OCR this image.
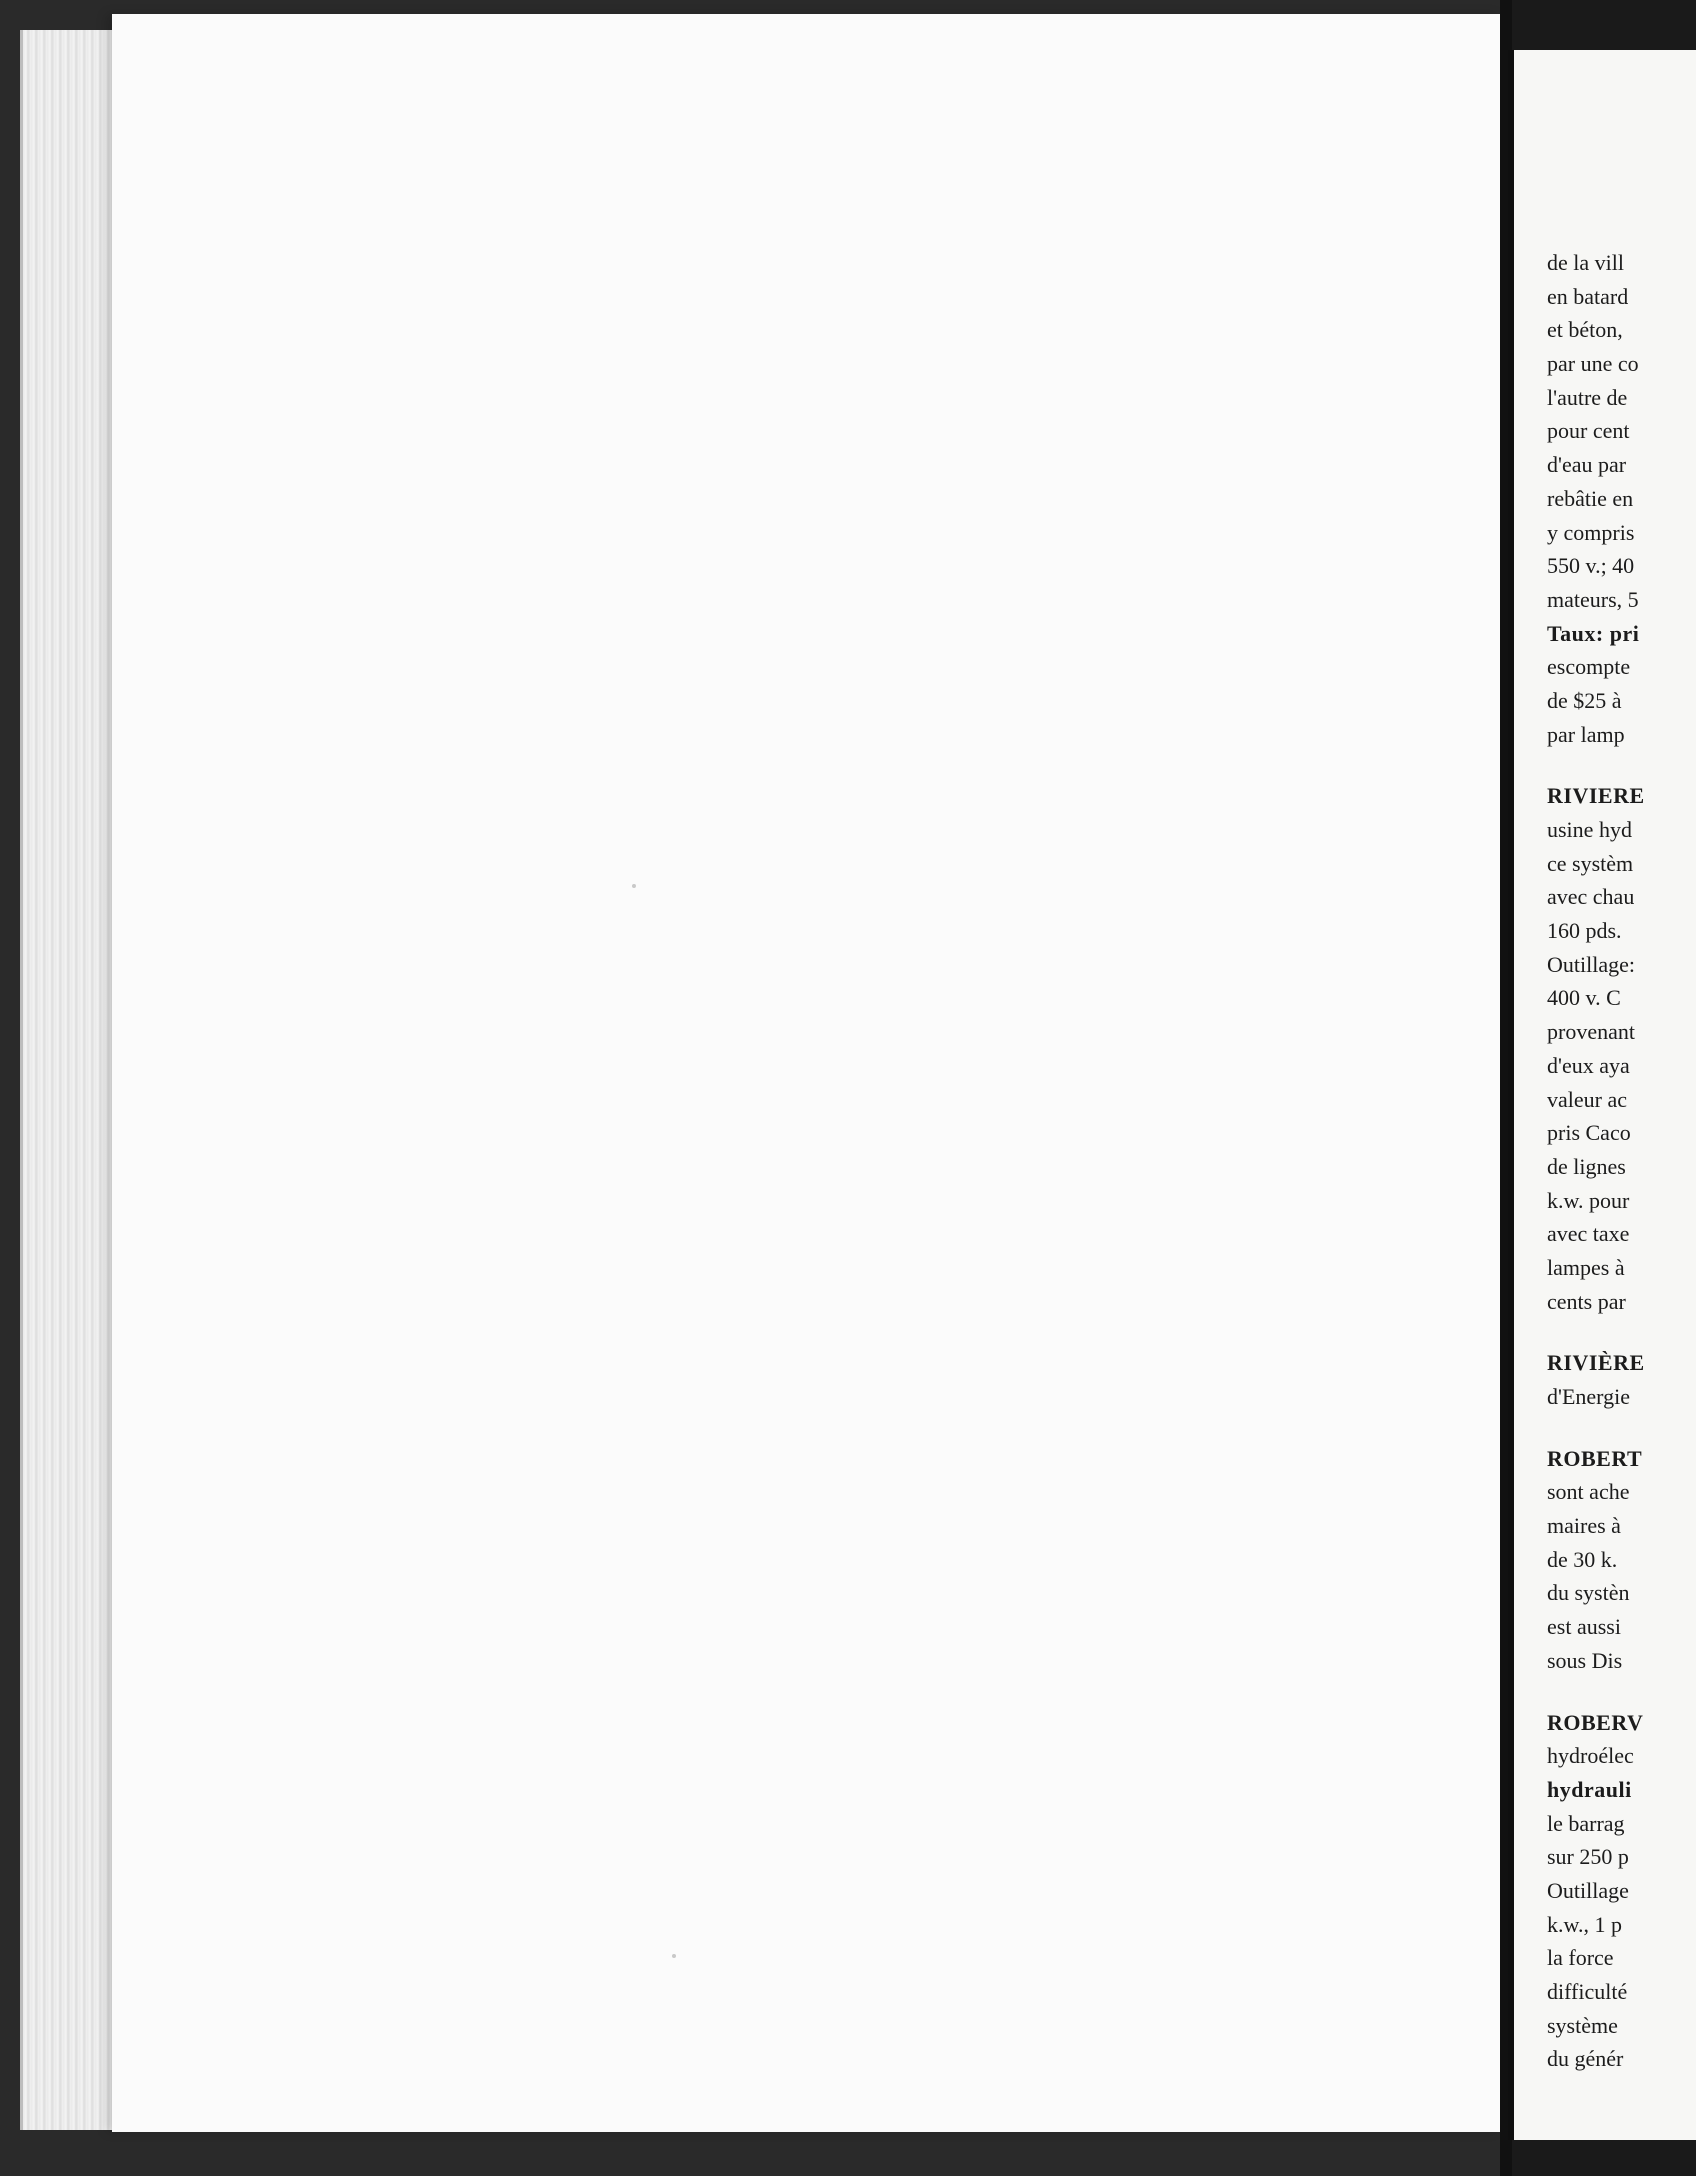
de la vill
en batard
et béton,
par une co
l'autre de
pour cent
d'eau par
rebâtie en
y compris
550 v.; 40
mateurs, 5
Taux: pri
escompte
de $25 à
par lamp
RIVIERE
usine hyd
ce systèm
avec chau
160 pds.
Outillage:
400 v. C
provenant
d'eux aya
valeur ac
pris Caco
de lignes
k.w. pour
avec taxe
lampes à
cents par
RIVIÈRE
d'Energie
ROBERT
sont ache
maires à
de 30 k.
du systèn
est aussi
sous Dis
ROBERV
hydroélec
hydrauli
le barrag
sur 250 p
Outillage
k.w., 1 p
la force
difficulté
système
du génér
